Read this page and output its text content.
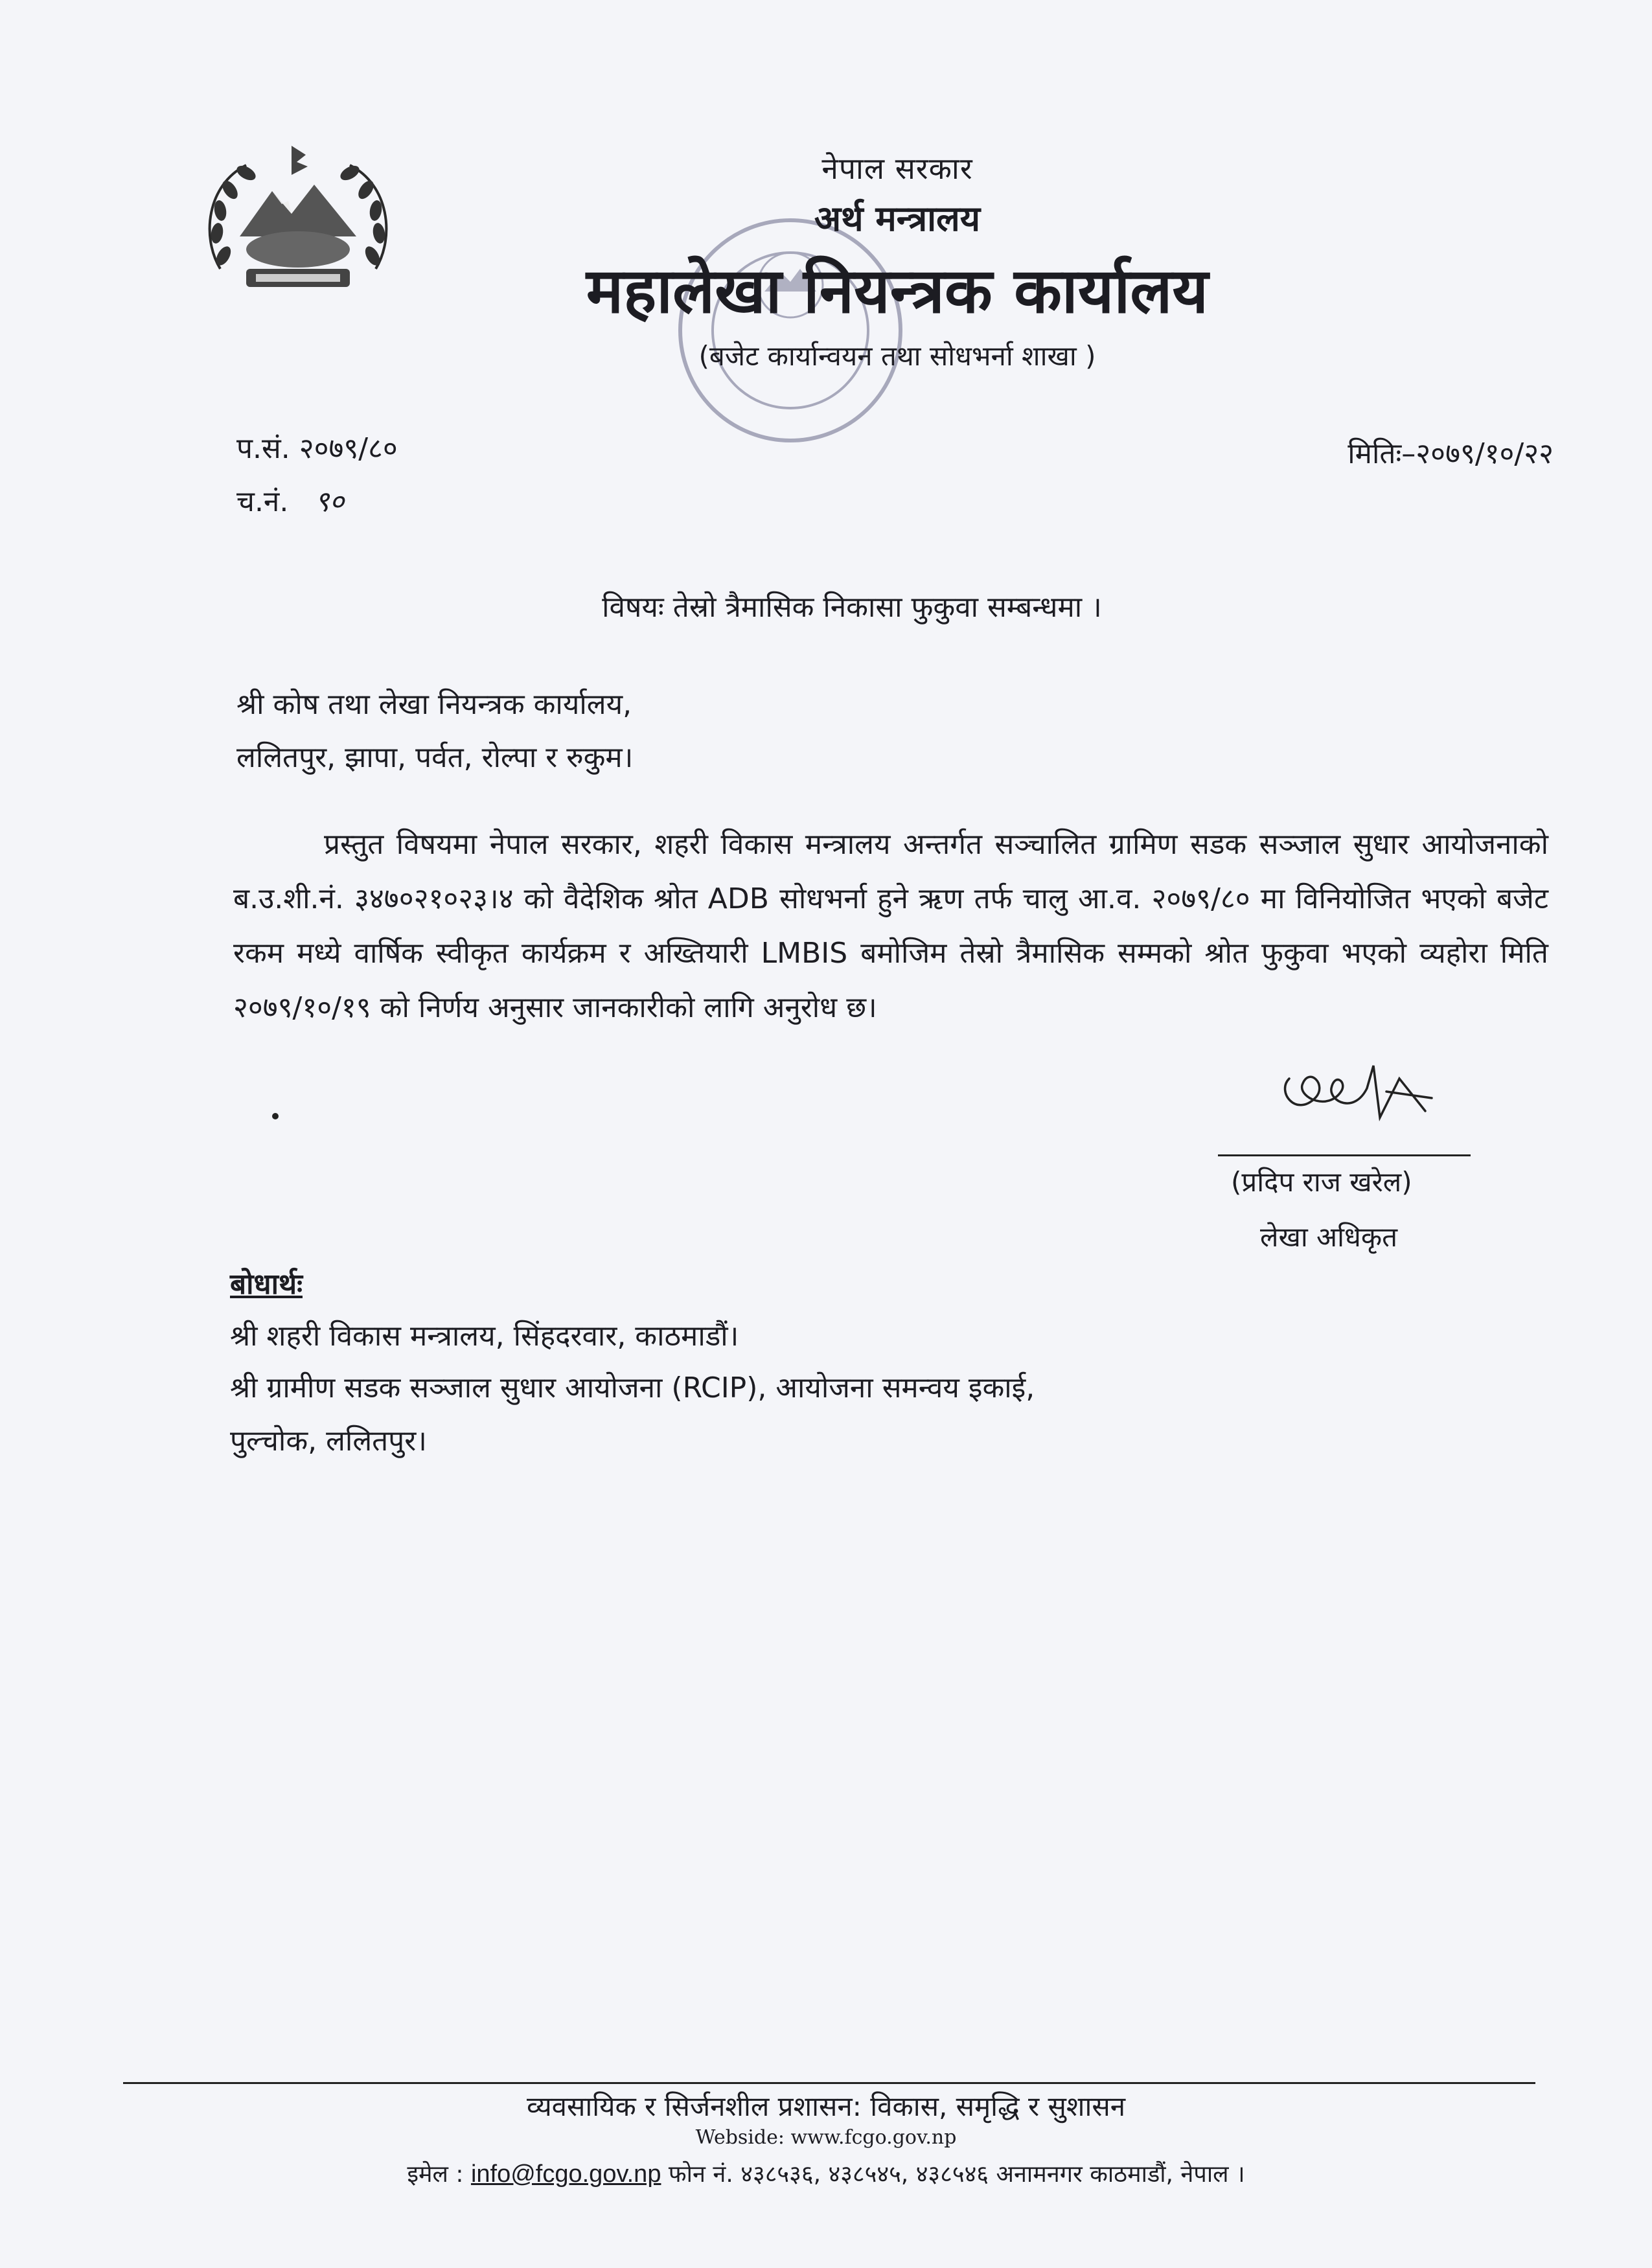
नेपाल सरकार
अर्थ मन्त्रालय
महालेखा नियन्त्रक कार्यालय
(बजेट कार्यान्वयन तथा सोधभर्ना शाखा )
प.सं. २०७९/८०
च.नं. ९०
मितिः–२०७९/१०/२२
विषयः तेस्रो त्रैमासिक निकासा फुकुवा सम्बन्धमा ।
श्री कोष तथा लेखा नियन्त्रक कार्यालय,
ललितपुर, झापा, पर्वत, रोल्पा र रुकुम।
प्रस्तुत विषयमा नेपाल सरकार, शहरी विकास मन्त्रालय अन्तर्गत सञ्चालित ग्रामिण सडक सञ्जाल सुधार आयोजनाको ब.उ.शी.नं. ३४७०२१०२३।४ को वैदेशिक श्रोत ADB सोधभर्ना हुने ऋण तर्फ चालु आ.व. २०७९/८० मा विनियोजित भएको बजेट रकम मध्ये वार्षिक स्वीकृत कार्यक्रम र अख्तियारी LMBIS बमोजिम तेस्रो त्रैमासिक सम्मको श्रोत फुकुवा भएको व्यहोरा मिति २०७९/१०/१९ को निर्णय अनुसार जानकारीको लागि अनुरोध छ।
(प्रदिप राज खरेल)
लेखा अधिकृत
बोधार्थः
श्री शहरी विकास मन्त्रालय, सिंहदरवार, काठमाडौं।
श्री ग्रामीण सडक सञ्जाल सुधार आयोजना (RCIP), आयोजना समन्वय इकाई,
पुल्चोक, ललितपुर।
व्यवसायिक र सिर्जनशील प्रशासन: विकास, समृद्धि र सुशासन
Webside: www.fcgo.gov.np
इमेल : info@fcgo.gov.np फोन नं. ४३८५३६, ४३८५४५, ४३८५४६ अनामनगर काठमाडौं, नेपाल ।
